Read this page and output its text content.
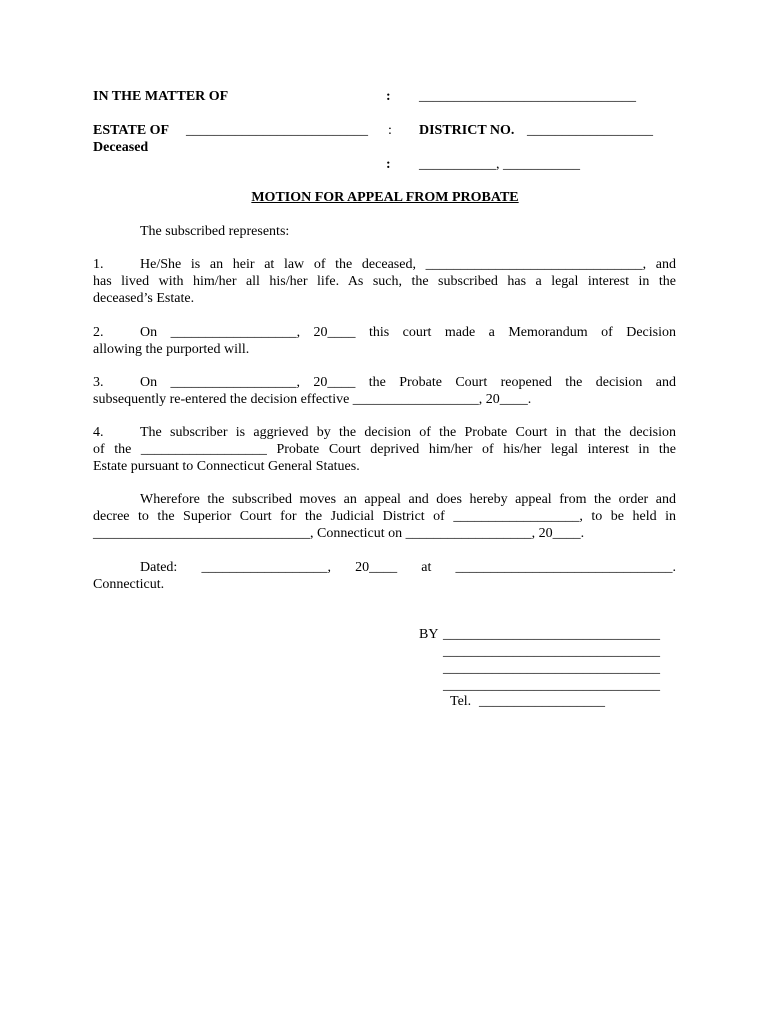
IN THE MATTER OF	: _______________________________
ESTATE OF __________________________ : DISTRICT NO. __________________
Deceased
: ___________, ___________
MOTION FOR APPEAL FROM PROBATE
The subscribed represents:
1.	He/She is an heir at law of the deceased, _______________________________, and
has lived with him/her all his/her life. As such, the subscribed has a legal interest in the
deceased’s Estate.
2.	On __________________, 20____ this court made a Memorandum of Decision
allowing the purported will.
3.	On __________________, 20____ the Probate Court reopened the decision and
subsequently re-entered the decision effective __________________, 20____.
4.	The subscriber is aggrieved by the decision of the Probate Court in that the decision
of the __________________ Probate Court deprived him/her of his/her legal interest in the
Estate pursuant to Connecticut General Statues.
Wherefore the subscribed moves an appeal and does hereby appeal from the order and
decree to the Superior Court for the Judicial District of __________________, to be held in
_______________________________, Connecticut on __________________, 20____.
Dated: __________________, 20____ at _______________________________.
Connecticut.
BY _______________________________
_______________________________
_______________________________
_______________________________
Tel. __________________
